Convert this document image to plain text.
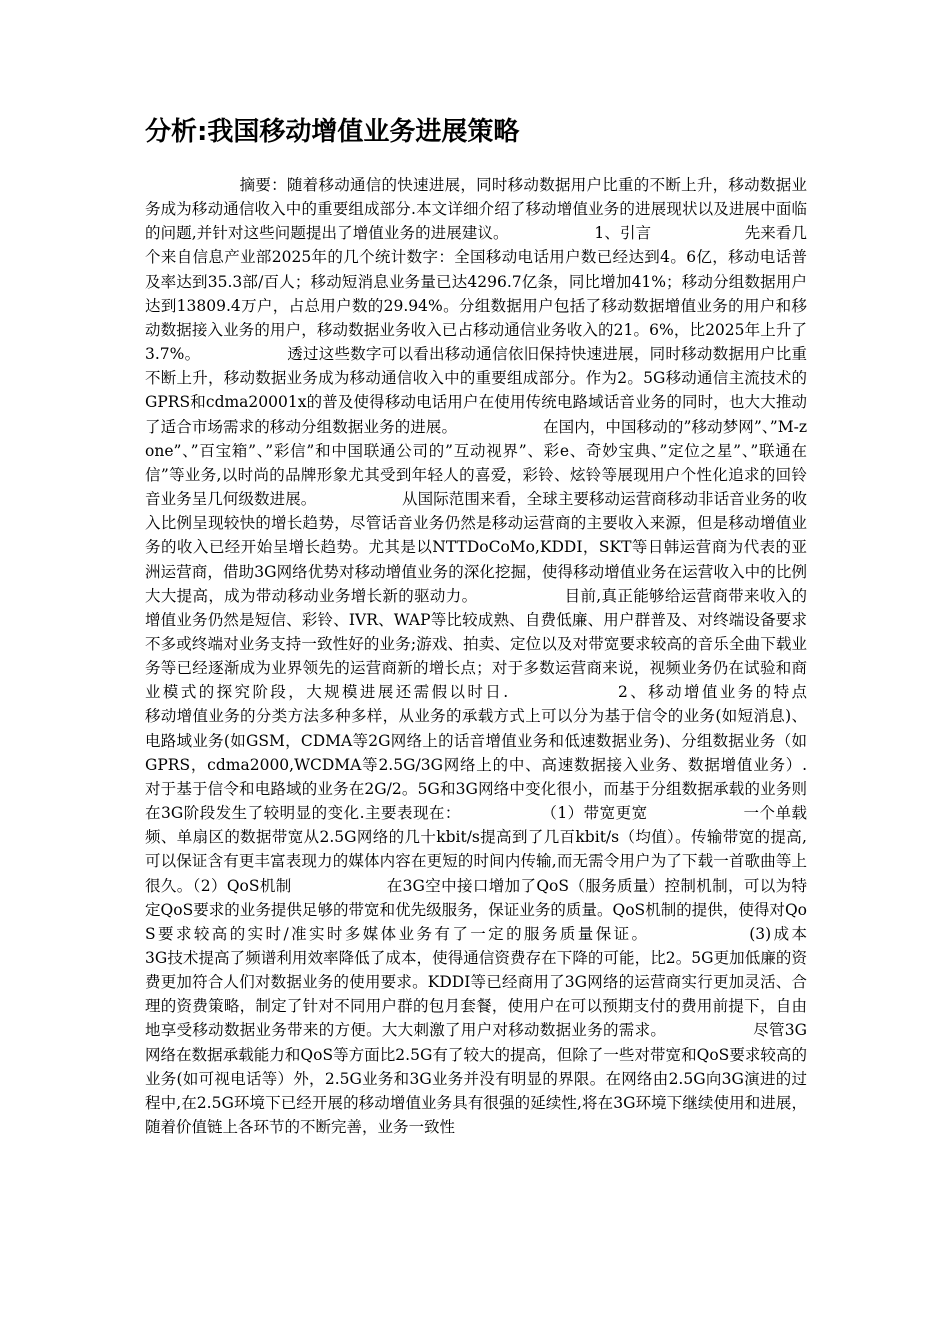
分析:我国移动增值业务进展策略

　　　　　　摘要：随着移动通信的快速进展，同时移动数据用户比重的不断上升，移动数据业务成为移动通信收入中的重要组成部分.本文详细介绍了移动增值业务的进展现状以及进展中面临的问题,并针对这些问题提出了增值业务的进展建议。　　　　　　1、引言　　　　　　先来看几个来自信息产业部2025年的几个统计数字：全国移动电话用户数已经达到4。6亿，移动电话普及率达到35.3部/百人；移动短消息业务量已达4296.7亿条，同比增加41%；移动分组数据用户达到13809.4万户，占总用户数的29.94%。分组数据用户包括了移动数据增值业务的用户和移动数据接入业务的用户，移动数据业务收入已占移动通信业务收入的21。6%，比2025年上升了3.7%。　　　　　　透过这些数字可以看出移动通信依旧保持快速进展，同时移动数据用户比重不断上升，移动数据业务成为移动通信收入中的重要组成部分。作为2。5G移动通信主流技术的GPRS和cdma20001x的普及使得移动电话用户在使用传统电路域话音业务的同时，也大大推动了适合市场需求的移动分组数据业务的进展。　　　　　　在国内，中国移动的”移动梦网”、”M-zone”、”百宝箱”、”彩信”和中国联通公司的”互动视界”、彩e、奇妙宝典、”定位之星”、”联通在信”等业务,以时尚的品牌形象尤其受到年轻人的喜爱，彩铃、炫铃等展现用户个性化追求的回铃音业务呈几何级数进展。　　　　　　从国际范围来看，全球主要移动运营商移动非话音业务的收入比例呈现较快的增长趋势，尽管话音业务仍然是移动运营商的主要收入来源，但是移动增值业务的收入已经开始呈增长趋势。尤其是以NTTDoCoMo,KDDI，SKT等日韩运营商为代表的亚洲运营商，借助3G网络优势对移动增值业务的深化挖掘，使得移动增值业务在运营收入中的比例大大提高，成为带动移动业务增长新的驱动力。　　　　　　目前,真正能够给运营商带来收入的增值业务仍然是短信、彩铃、IVR、WAP等比较成熟、自费低廉、用户群普及、对终端设备要求不多或终端对业务支持一致性好的业务;游戏、拍卖、定位以及对带宽要求较高的音乐全曲下载业务等已经逐渐成为业界领先的运营商新的增长点；对于多数运营商来说，视频业务仍在试验和商业模式的探究阶段，大规模进展还需假以时日.　　　　　　2、移动增值业务的特点　　　　　　移动增值业务的分类方法多种多样，从业务的承载方式上可以分为基于信令的业务(如短消息)、电路域业务(如GSM，CDMA等2G网络上的话音增值业务和低速数据业务)、分组数据业务（如GPRS，cdma2000,WCDMA等2.5G/3G网络上的中、高速数据接入业务、数据增值业务）.　　　　　　对于基于信令和电路域的业务在2G/2。5G和3G网络中变化很小，而基于分组数据承载的业务则在3G阶段发生了较明显的变化.主要表现在：　　　　　　（1）带宽更宽　　　　　　一个单载频、单扇区的数据带宽从2.5G网络的几十kbit/s提高到了几百kbit/s（均值）。传输带宽的提高,可以保证含有更丰富表现力的媒体内容在更短的时间内传输,而无需令用户为了下载一首歌曲等上很久。（2）QoS机制　　　　　　在3G空中接口增加了QoS（服务质量）控制机制，可以为特定QoS要求的业务提供足够的带宽和优先级服务，保证业务的质量。QoS机制的提供，使得对QoS要求较高的实时/准实时多媒体业务有了一定的服务质量保证。　　　　　　(3)成本　　　　　　3G技术提高了频谱利用效率降低了成本，使得通信资费存在下降的可能，比2。5G更加低廉的资费更加符合人们对数据业务的使用要求。KDDI等已经商用了3G网络的运营商实行更加灵活、合理的资费策略，制定了针对不同用户群的包月套餐，使用户在可以预期支付的费用前提下，自由地享受移动数据业务带来的方便。大大刺激了用户对移动数据业务的需求。　　　　　　尽管3G网络在数据承载能力和QoS等方面比2.5G有了较大的提高，但除了一些对带宽和QoS要求较高的业务(如可视电话等）外，2.5G业务和3G业务并没有明显的界限。在网络由2.5G向3G演进的过程中,在2.5G环境下已经开展的移动增值业务具有很强的延续性,将在3G环境下继续使用和进展，随着价值链上各环节的不断完善，业务一致性
